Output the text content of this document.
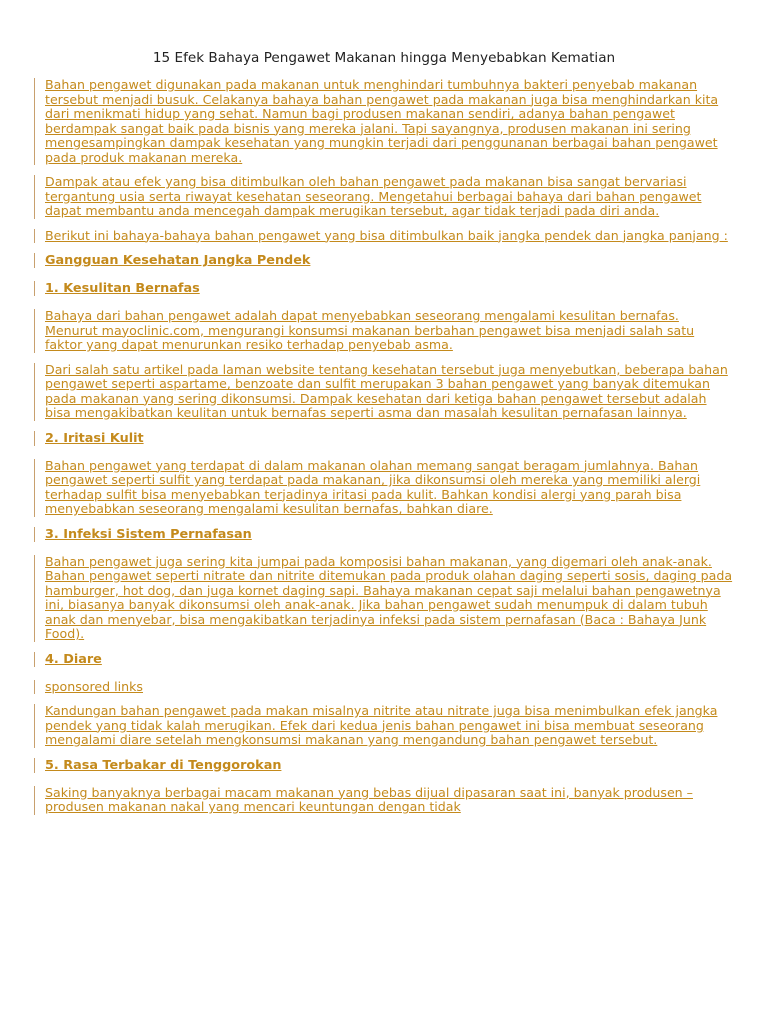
15 Efek Bahaya Pengawet Makanan hingga Menyebabkan Kematian

Bahan pengawet digunakan pada makanan untuk menghindari tumbuhnya bakteri penyebab makanan tersebut menjadi busuk. Celakanya bahaya bahan pengawet pada makanan juga bisa menghindarkan kita dari menikmati hidup yang sehat. Namun bagi produsen makanan sendiri, adanya bahan pengawet berdampak sangat baik pada bisnis yang mereka jalani. Tapi sayangnya, produsen makanan ini sering mengesampingkan dampak kesehatan yang mungkin terjadi dari penggunanan berbagai bahan pengawet pada produk makanan mereka.

Dampak atau efek yang bisa ditimbulkan oleh bahan pengawet pada makanan bisa sangat bervariasi tergantung usia serta riwayat kesehatan seseorang. Mengetahui berbagai bahaya dari bahan pengawet dapat membantu anda mencegah dampak merugikan tersebut, agar tidak terjadi pada diri anda.

Berikut ini bahaya-bahaya bahan pengawet yang bisa ditimbulkan baik jangka pendek dan jangka panjang :

Gangguan Kesehatan Jangka Pendek
1. Kesulitan Bernafas

Bahaya dari bahan pengawet adalah dapat menyebabkan seseorang mengalami kesulitan bernafas. Menurut mayoclinic.com, mengurangi konsumsi makanan berbahan pengawet bisa menjadi salah satu faktor yang dapat menurunkan resiko terhadap penyebab asma.

Dari salah satu artikel pada laman website tentang kesehatan tersebut juga menyebutkan, beberapa bahan pengawet seperti aspartame, benzoate dan sulfit merupakan 3 bahan pengawet yang banyak ditemukan pada makanan yang sering dikonsumsi. Dampak kesehatan dari ketiga bahan pengawet tersebut adalah bisa mengakibatkan keulitan untuk bernafas seperti asma dan masalah kesulitan pernafasan lainnya.

2. Iritasi Kulit

Bahan pengawet yang terdapat di dalam makanan olahan memang sangat beragam jumlahnya. Bahan pengawet seperti sulfit yang terdapat pada makanan, jika dikonsumsi oleh mereka yang memiliki alergi terhadap sulfit bisa menyebabkan terjadinya iritasi pada kulit. Bahkan kondisi alergi yang parah bisa menyebabkan seseorang mengalami kesulitan bernafas, bahkan diare.

3. Infeksi Sistem Pernafasan

Bahan pengawet juga sering kita jumpai pada komposisi bahan makanan, yang digemari oleh anak-anak. Bahan pengawet seperti nitrate dan nitrite ditemukan pada produk olahan daging seperti sosis, daging pada hamburger, hot dog, dan juga kornet daging sapi. Bahaya makanan cepat saji melalui bahan pengawetnya ini, biasanya banyak dikonsumsi oleh anak-anak. Jika bahan pengawet sudah menumpuk di dalam tubuh anak dan menyebar, bisa mengakibatkan terjadinya infeksi pada sistem pernafasan (Baca : Bahaya Junk Food).

4. Diare

sponsored links

Kandungan bahan pengawet pada makan misalnya nitrite atau nitrate juga bisa menimbulkan efek jangka pendek yang tidak kalah merugikan. Efek dari kedua jenis bahan pengawet ini bisa membuat seseorang mengalami diare setelah mengkonsumsi makanan yang mengandung bahan pengawet tersebut.

5. Rasa Terbakar di Tenggorokan

Saking banyaknya berbagai macam makanan yang bebas dijual dipasaran saat ini, banyak produsen – produsen makanan nakal yang mencari keuntungan dengan tidak
